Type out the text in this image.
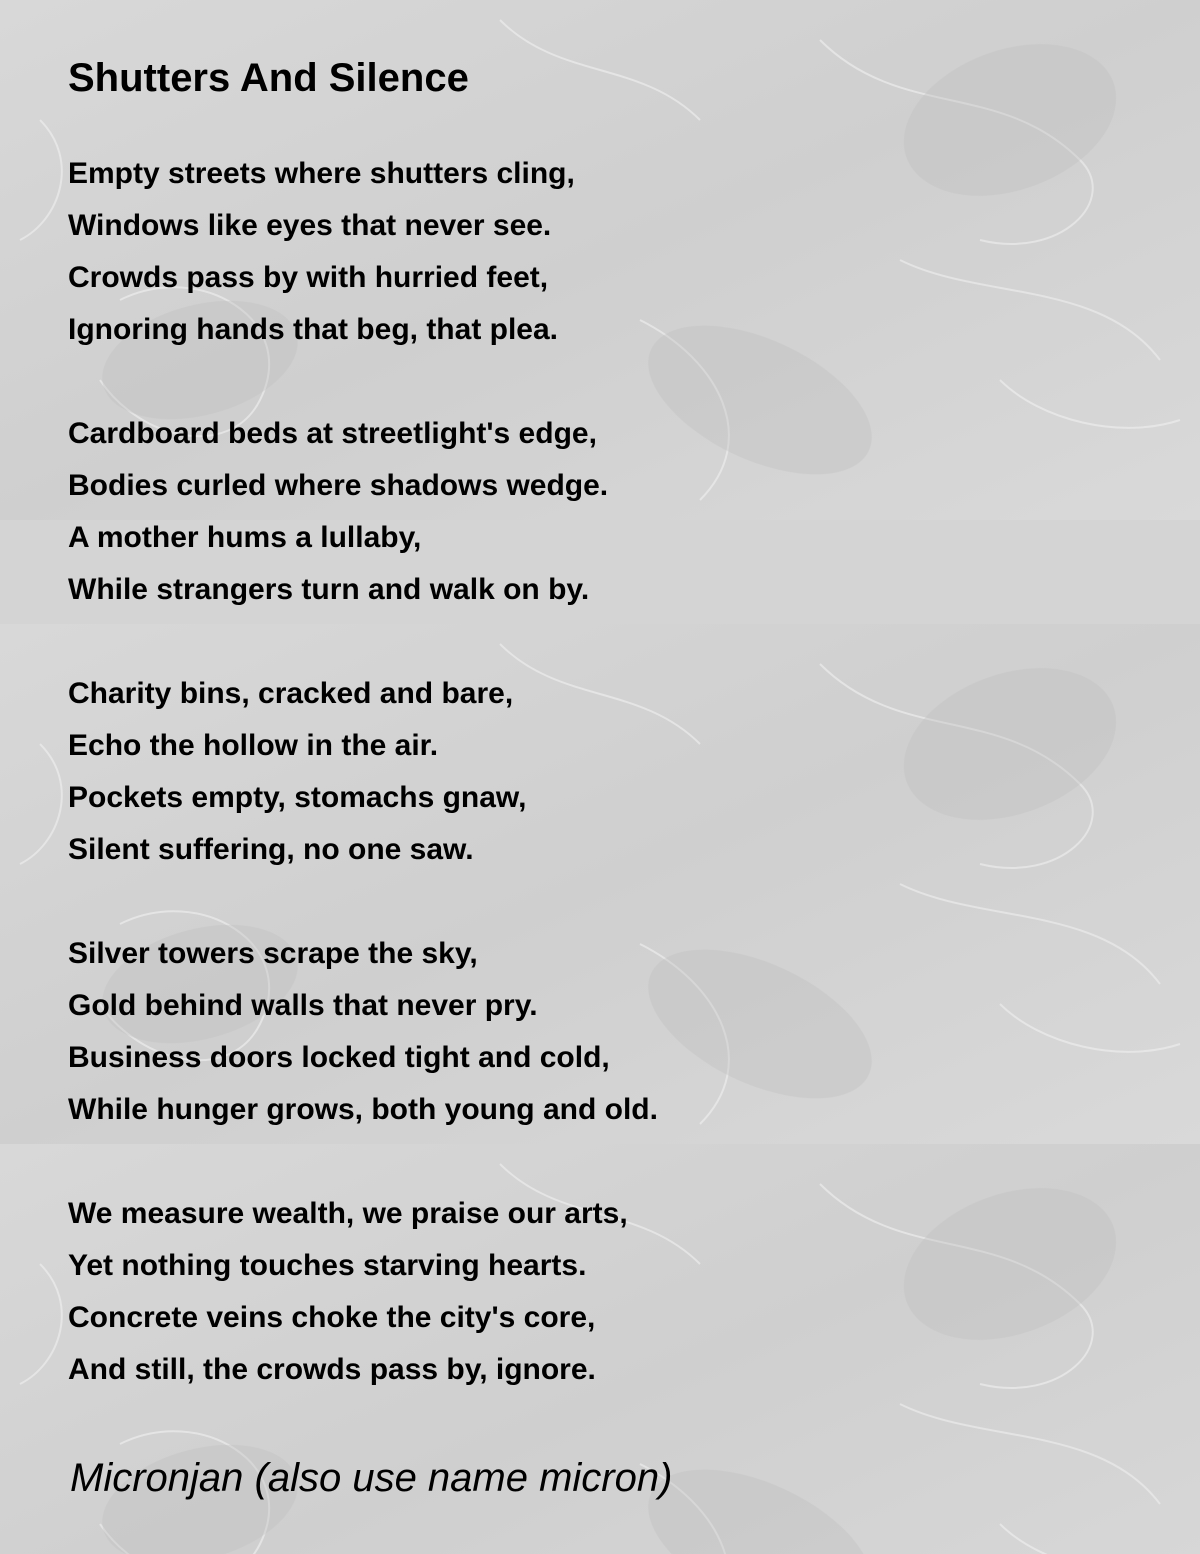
Shutters And Silence
Empty streets where shutters cling,
Windows like eyes that never see.
Crowds pass by with hurried feet,
Ignoring hands that beg, that plea.
Cardboard beds at streetlight's edge,
Bodies curled where shadows wedge.
A mother hums a lullaby,
While strangers turn and walk on by.
Charity bins, cracked and bare,
Echo the hollow in the air.
Pockets empty, stomachs gnaw,
Silent suffering, no one saw.
Silver towers scrape the sky,
Gold behind walls that never pry.
Business doors locked tight and cold,
While hunger grows, both young and old.
We measure wealth, we praise our arts,
Yet nothing touches starving hearts.
Concrete veins choke the city's core,
And still, the crowds pass by, ignore.
Micronjan (also use name micron)
